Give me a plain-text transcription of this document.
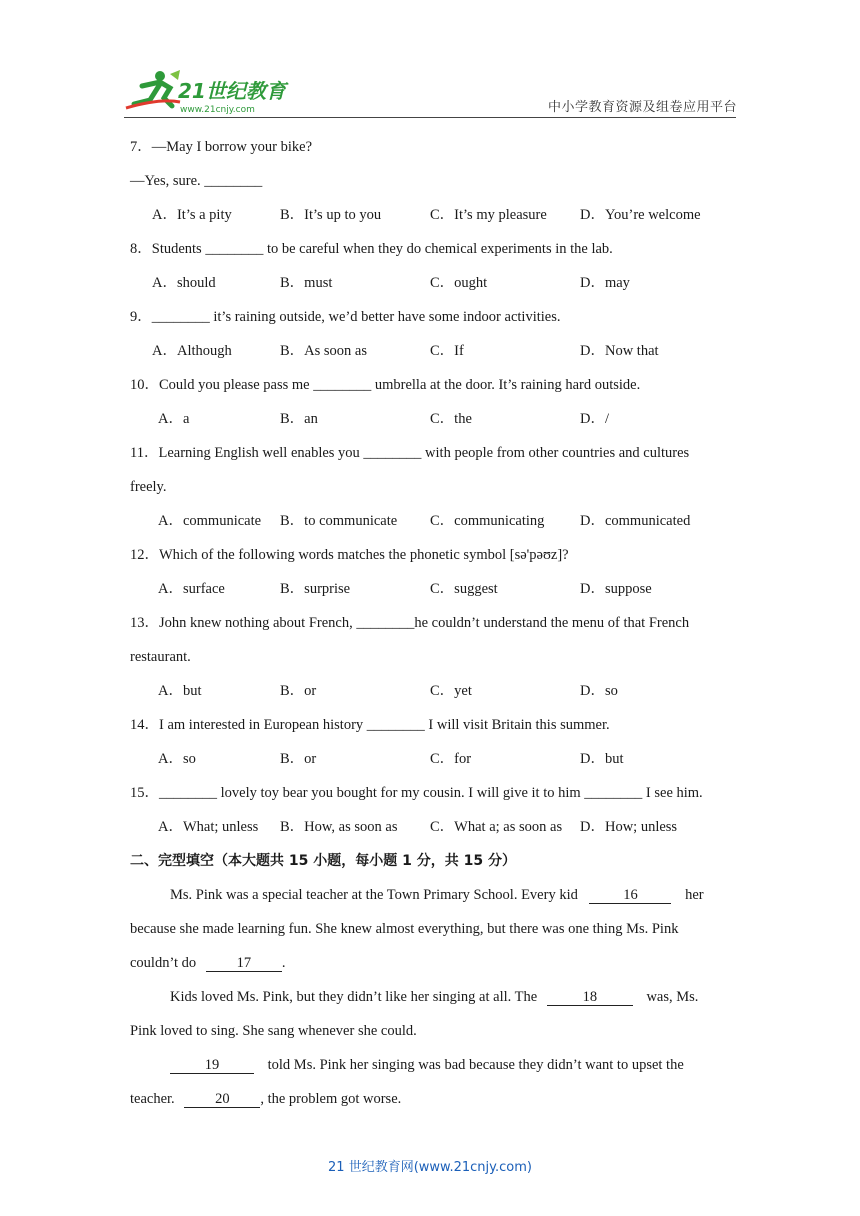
21世纪教育
www.21cnjy.com	中小学教育资源及组卷应用平台
7．—May I borrow your bike?
—Yes, sure. ________
A．It’s a pity	B．It’s up to you	C．It’s my pleasure D．You’re welcome
8．Students ________ to be careful when they do chemical experiments in the lab.
A．should	B．must	C．ought	D．may
9．________ it’s raining outside, we’d better have some indoor activities.
A．Although	B．As soon as	C．If	D．Now that
10．Could you please pass me ________ umbrella at the door. It’s raining hard outside.
A．a	B．an	C．the	D．/
11．Learning English well enables you ________ with people from other countries and cultures
freely.
A．communicate B．to communicate C．communicating D．communicated
12．Which of the following words matches the phonetic symbol [sə'pəʊz]?
A．surface	B．surprise	C．suggest	D．suppose
13．John knew nothing about French, ________he couldn’t understand the menu of that French
restaurant.
A．but	B．or	C．yet	D．so
14．I am interested in European history ________ I will visit Britain this summer.
A．so	B．or	C．for	D．but
15．________ lovely toy bear you bought for my cousin. I will give it to him ________ I see him.
A．What; unless B．How, as soon as C．What a; as soon as D．How; unless
二、完型填空（本大题共 15 小题，每小题 1 分，共 15 分）
Ms. Pink was a special teacher at the Town Primary School. Every kid	16	her
because she made learning fun. She knew almost everything, but there was one thing Ms. Pink
couldn’t do	17 .
Kids loved Ms. Pink, but they didn’t like her singing at all. The	18	was, Ms.
Pink loved to sing. She sang whenever she could.
19	told Ms. Pink her singing was bad because they didn’t want to upset the
teacher.	20 , the problem got worse.
21 世纪教育网(www.21cnjy.com)
